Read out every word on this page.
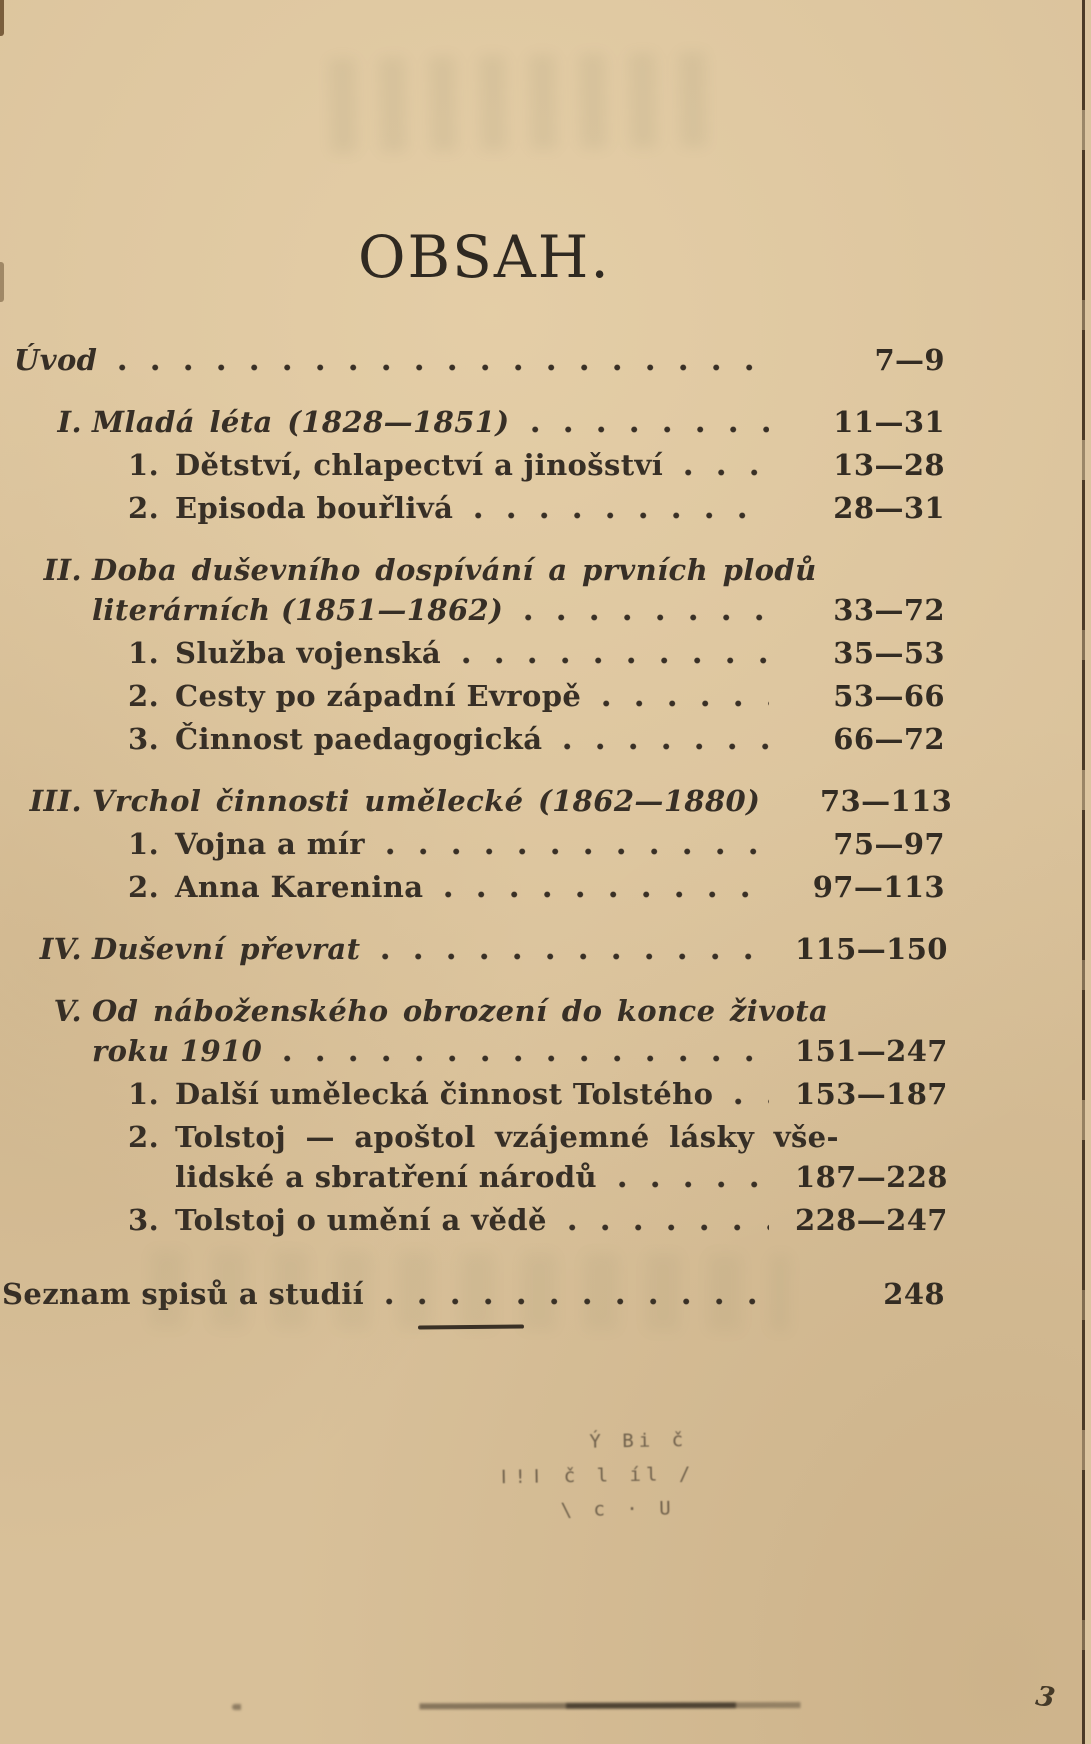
OBSAH.
Úvod	7—9
I. Mladá léta (1828—1851)	11—31
1. Dětství, chlapectví a jinošství	13—28
2. Episoda bouřlivá	28—31
II. Doba duševního dospívání a prvních plodů
literárních (1851—1862)	33—72
1. Služba vojenská	35—53
2. Cesty po západní Evropě	53—66
3. Činnost paedagogická	66—72
III. Vrchol činnosti umělecké (1862—1880)	73—113
1. Vojna a mír	75—97
2. Anna Karenina	97—113
IV. Duševní převrat	115—150
V. Od náboženského obrození do konce života
roku 1910	151—247
1. Další umělecká činnost Tolstého	153—187
2. Tolstoj — apoštol vzájemné lásky vše-
lidské a sbratření národů	187—228
3. Tolstoj o umění a vědě	228—247
Seznam spisů a studií	248
Ý Bi č
ǀ!ǀ č l íl /
\ c · U
3
